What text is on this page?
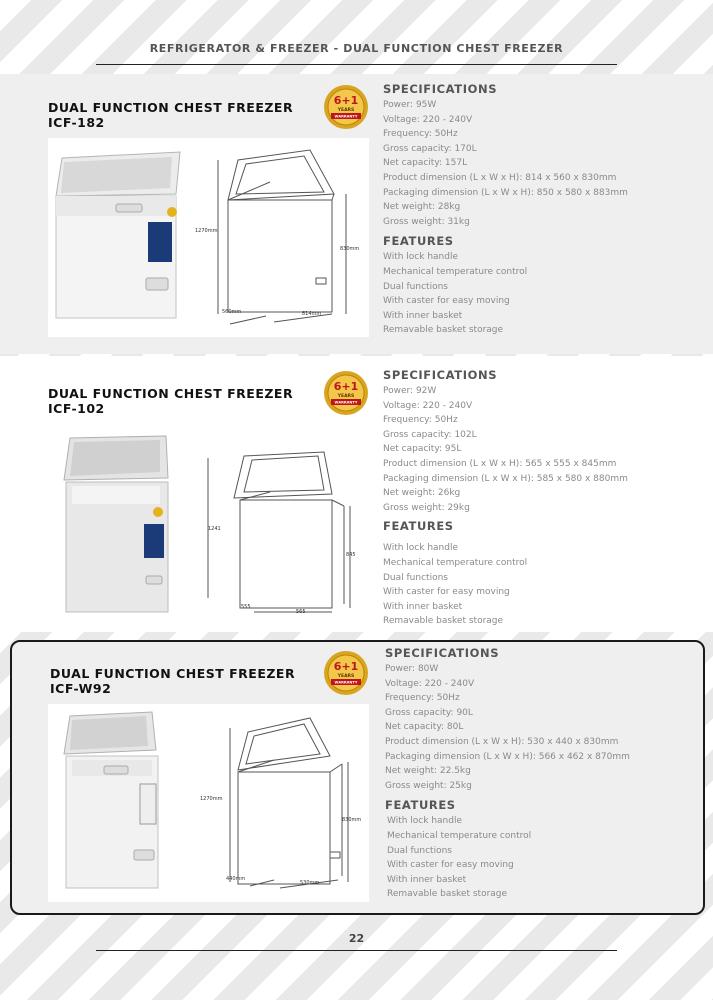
REFRIGERATOR & FREEZER - DUAL FUNCTION CHEST FREEZER
DUAL FUNCTION CHEST FREEZER
ICF-182
6+1
YEARS
WARRANTY
1270mm
830mm
560mm	814mm
SPECIFICATIONS
Power: 95W
Voltage: 220 - 240V
Frequency: 50Hz
Gross capacity: 170L
Net capacity: 157L
Product dimension (L x W x H): 814 x 560 x 830mm
Packaging dimension (L x W x H): 850 x 580 x 883mm
Net weight: 28kg
Gross weight: 31kg
FEATURES
With lock handle
Mechanical temperature control
Dual functions
With caster for easy moving
With inner basket
Remavable basket storage
DUAL FUNCTION CHEST FREEZER
ICF-102
6+1
YEARS
WARRANTY
1241
845
555
565
SPECIFICATIONS
Power: 92W
Voltage: 220 - 240V
Frequency: 50Hz
Gross capacity: 102L
Net capacity: 95L
Product dimension (L x W x H): 565 x 555 x 845mm
Packaging dimension (L x W x H): 585 x 580 x 880mm
Net weight: 26kg
Gross weight: 29kg
FEATURES
With lock handle
Mechanical temperature control
Dual functions
With caster for easy moving
With inner basket
Remavable basket storage
DUAL FUNCTION CHEST FREEZER
ICF-W92
6+1
YEARS
WARRANTY
1270mm
830mm
440mm
530mm
SPECIFICATIONS
Power: 80W
Voltage: 220 - 240V
Frequency: 50Hz
Gross capacity: 90L
Net capacity: 80L
Product dimension (L x W x H): 530 x 440 x 830mm
Packaging dimension (L x W x H): 566 x 462 x 870mm
Net weight: 22.5kg
Gross weight: 25kg
FEATURES
With lock handle
Mechanical temperature control
Dual functions
With caster for easy moving
With inner basket
Remavable basket storage
22
